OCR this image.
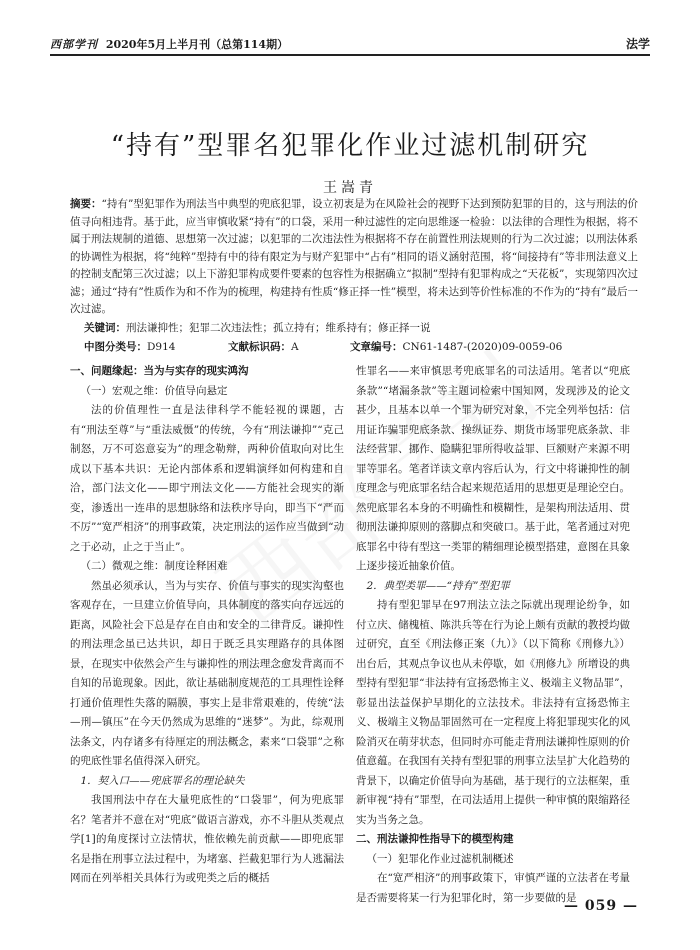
西部学刊 2020年5月上半月刊（总第114期）	法学
“持有”型罪名犯罪化作业过滤机制研究
王嵩青
摘要：“持有”型犯罪作为刑法当中典型的兜底犯罪，设立初衷是为在风险社会的视野下达到预防犯罪的目的，这与刑法的价值寻向相违背。基于此，应当审慎收紧“持有”的口袋，采用一种过滤性的定向思维逐一检验：以法律的合理性为根据，将不属于刑法规制的道德、思想第一次过滤；以犯罪的二次违法性为根据将不存在前置性刑法规则的行为二次过滤；以刑法体系的协调性为根据，将“纯粹”型持有中的待有限定为与财产犯罪中“占有”相同的语义涵射范围，将“间接持有”等非刑法意义上的控制支配第三次过滤；以上下游犯罪构成要件要素的包容性为根据确立“拟制”型持有犯罪构成之“天花板”，实现第四次过滤；通过“持有”性质作为和不作为的梳理，构建持有性质“修正择一性”模型，将未达到等价性标准的不作为的“持有”最后一次过滤。
关键词：刑法谦抑性；犯罪二次违法性；孤立持有；维系持有；修正择一说
中图分类号：D914	文献标识码：A	文章编号：CN61-1487-(2020)09-0059-06

一、问题缘起：当为与实存的现实鸿沟

（一）宏观之维：价值导向悬定

法的价值理性一直是法律科学不能轻视的课题，古有“刑法至尊”与“重法威慑”的传统，今有“刑法谦抑”“克己制怒，万不可恣意妄为”的理念勒辩，两种价值取向对比生成以下基本共识：无论内部体系和逻辑演绎如何构建和自洽，部门法文化——即宁刑法文化——方能社会现实的渐变，渗透出一连串的思想脉络和法秩序导向，即当下“严而不厉”“宽严相济”的刑事政策，决定刑法的运作应当做到“动之于必动，止之于当止”。

（二）微观之维：制度诠释困难

然虽必须承认，当为与实存、价值与事实的现实沟壑也客观存在，一旦建立价值导向，具体制度的落实向存远远的距离，风险社会下总是存在自由和安全的二律背反。谦抑性的刑法理念虽已达共识，却日于既乏具实理路存的具体图景，在现实中依然会产生与谦抑性的刑法理念愈发背离而不自知的吊诡现象。因此，欲让基础制度规范的工具理性诠释打通价值理性失落的隔膜，事实上是非常艰难的，传统“法—刑—镇压”在今天仍然成为思维的“迷梦”。为此，综观刑法条文，内存诸多有待厘定的刑法概念，素来“口袋罪”之称的兜底性罪名值得深入研究。

1．契入口——兜底罪名的理论缺失

我国刑法中存在大量兜底性的“口袋罪”，何为兜底罪名？笔者并不意在对“兜底”做语言游戏，亦不斗胆从类观点学[1]的角度探讨立法情状，惟依赖先前贡献——即兜底罪名是指在刑事立法过程中，为堵塞、拦截犯罪行为人逃漏法网而在列举相关具体行为或兜类之后的概括

性罪名——来审慎思考兜底罪名的司法适用。笔者以“兜底条款”“堵漏条款”等主题词检索中国知网，发现涉及的论文甚少，且基本以单一个罪为研究对象，不完全列举包括：信用证诈骗罪兜底条款、操纵证券、期货市场罪兜底条款、非法经营罪、挪作、隐瞒犯罪所得收益罪、巨额财产来源不明罪等罪名。笔者详读文章内容后认为，行文中将谦抑性的制度理念与兜底罪名结合起来规范适用的思想更是理论空白。然兜底罪名本身的不明确性和模糊性，是架构刑法适用、贯彻刑法谦抑原则的落脚点和突破口。基于此，笔者通过对兜底罪名中待有型这一类罪的精细理论模型搭建，意图在具象上逐步接近抽象价值。

2．典型类罪——“持有”型犯罪

持有型犯罪早在97刑法立法之际就出现理论纷争，如付立庆、储槐植、陈洪兵等在行为论上颇有贡献的教授均做过研究，直至《刑法修正案（九）》（以下简称《刑修九》）出台后，其观点争议也从未停歇，如《刑修九》所增设的典型持有型犯罪“非法持有宣扬恐怖主义、极端主义物品罪”，彰显出法益保护早期化的立法技术。非法持有宣扬恐怖主义、极端主义物品罪固然可在一定程度上将犯罪现实化的风险消灭在萌芽状态，但同时亦可能走背刑法谦抑性原则的价值意蕴。在我国有关持有型犯罪的刑事立法呈扩大化趋势的背景下，以确定价值导向为基础，基于现行的立法框架，重新审视“持有”罪型，在司法适用上提供一种审慎的限缩路径实为当务之急。

二、刑法谦抑性指导下的模型构建

（一）犯罪化作业过滤机制概述

在“宽严相济”的刑事政策下，审慎严谨的立法者在考量是否需要将某一行为犯罪化时，第一步要做的是

— 059 —
